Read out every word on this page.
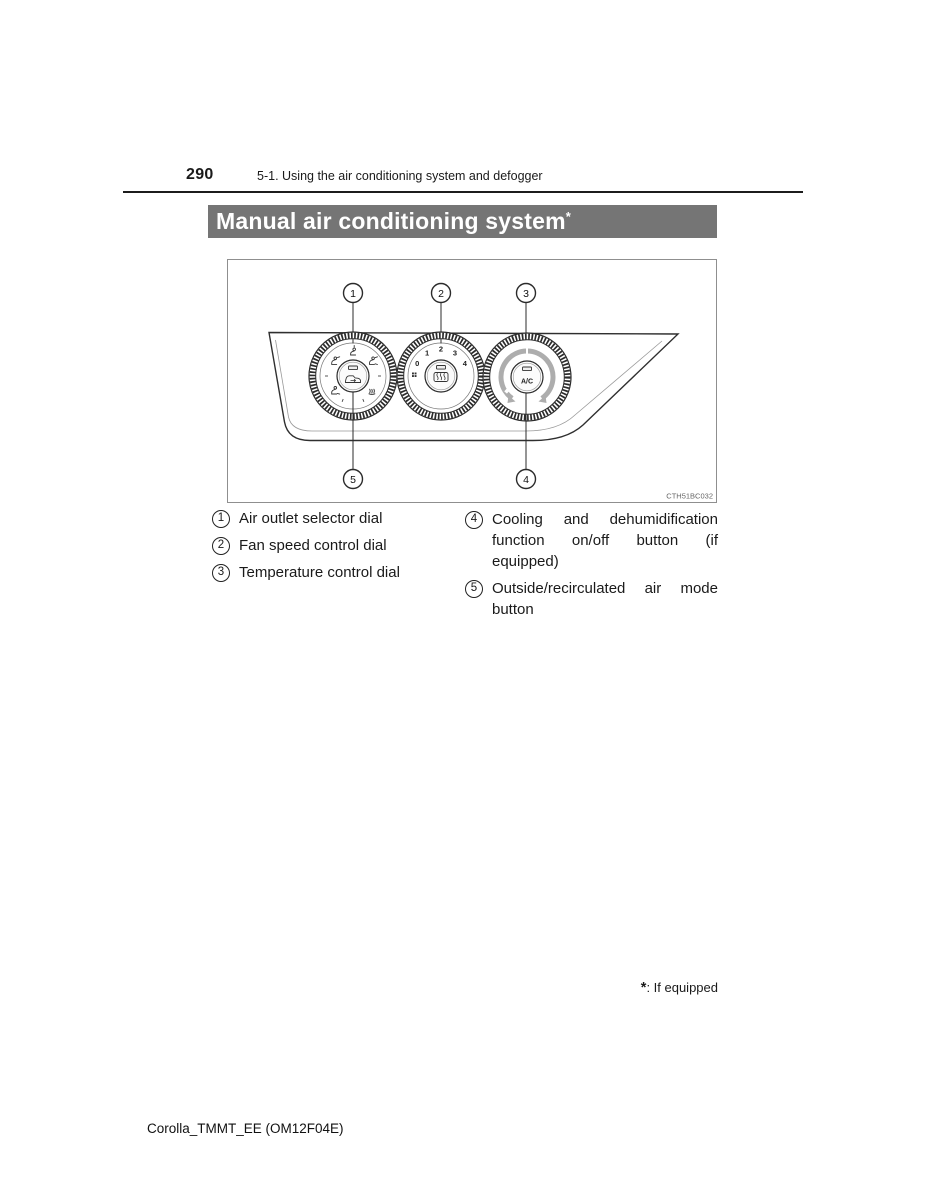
290	5-1. Using the air conditioning system and defogger
Manual air conditioning system*
0
1 2 3
4
A/C
1	2	3
5	4
CTH51BC032
1 Air outlet selector dial
2 Fan speed control dial
3 Temperature control dial
4 Cooling and dehumidification function on/off button (if equipped)
5 Outside/recirculated air mode button
*: If equipped
Corolla_TMMT_EE (OM12F04E)
